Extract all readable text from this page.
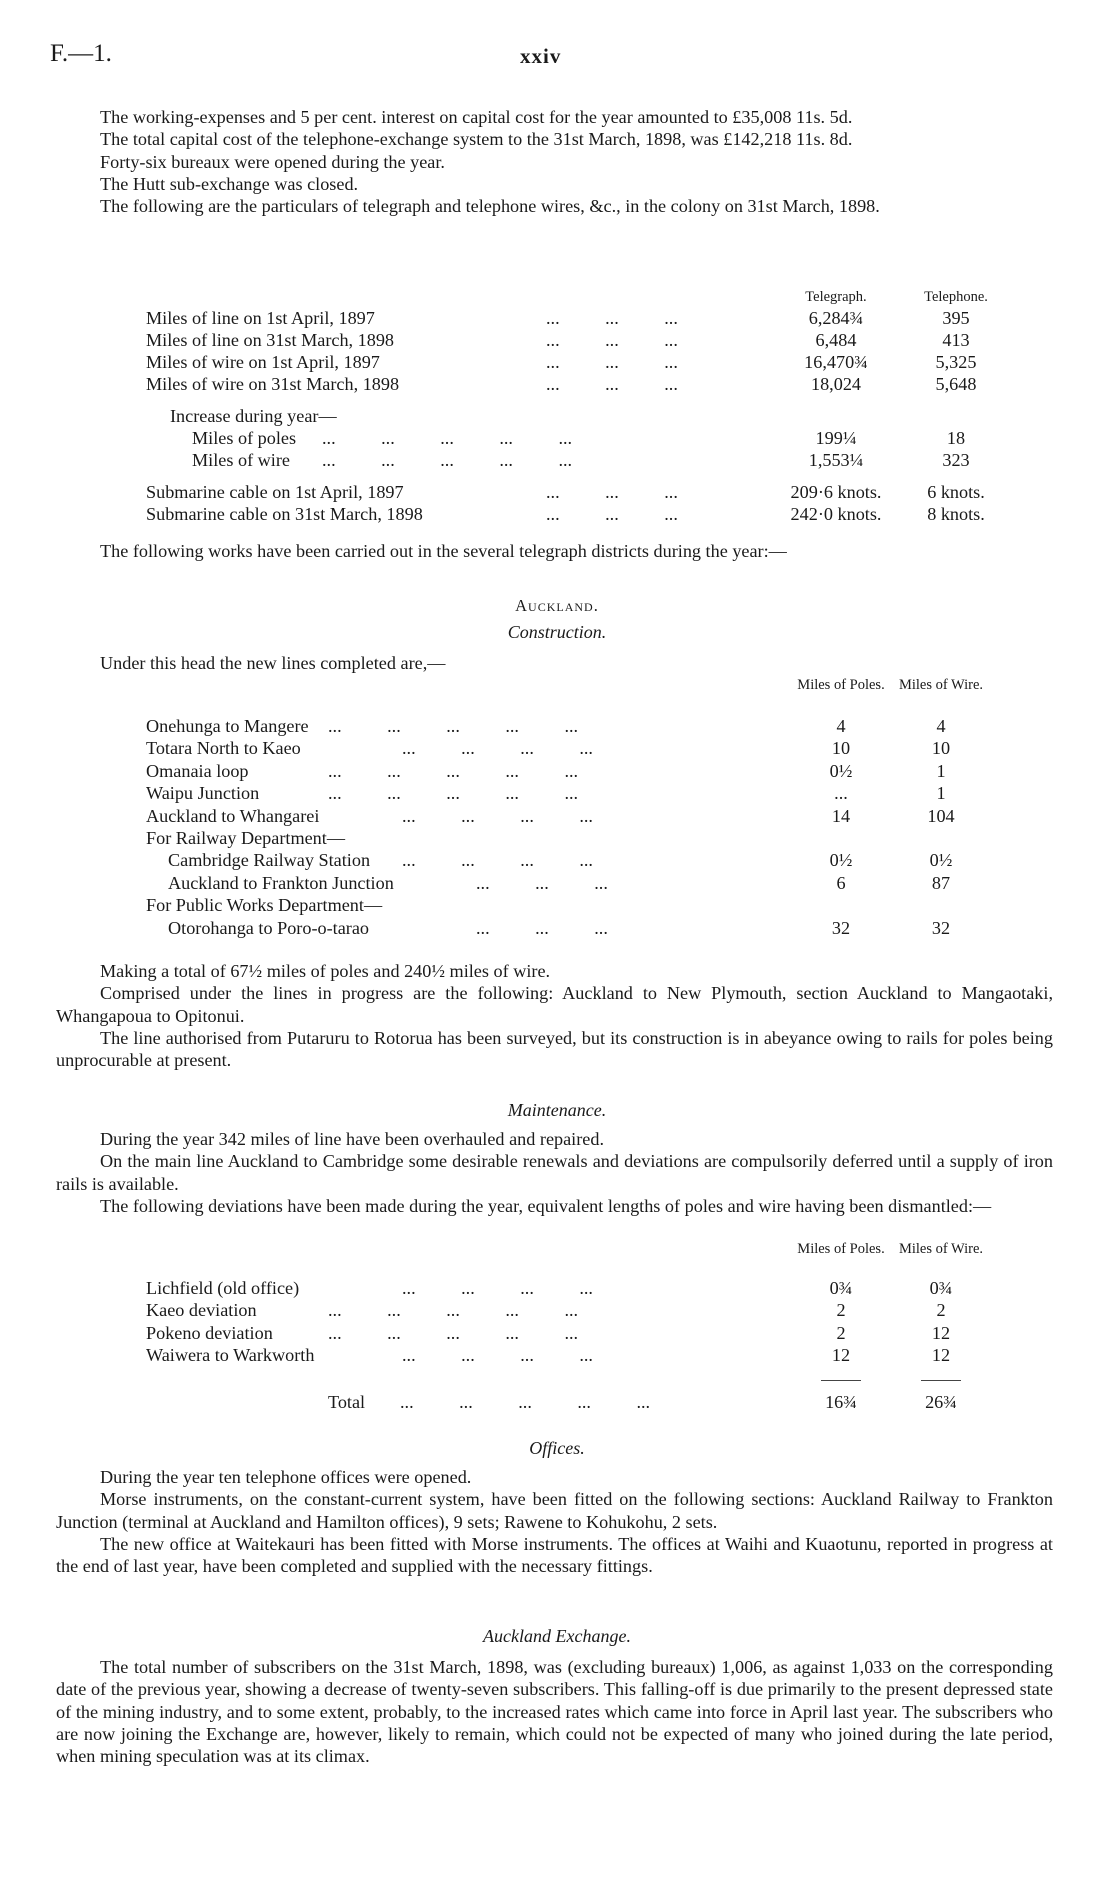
F.—1.	xxiv

The working-expenses and 5 per cent. interest on capital cost for the year amounted to £35,008 11s. 5d.

The total capital cost of the telephone-exchange system to the 31st March, 1898, was £142,218 11s. 8d.

Forty-six bureaux were opened during the year.

The Hutt sub-exchange was closed.

The following are the particulars of telegraph and telephone wires, &c., in the colony on 31st March, 1898.

Telegraph.	Telephone.
Miles of line on 1st April, 1897	...          ...          ...	6,284¾	395
Miles of line on 31st March, 1898	...          ...          ...	6,484	413
Miles of wire on 1st April, 1897	...          ...          ...	16,470¾	5,325
Miles of wire on 31st March, 1898	...          ...          ...	18,024	5,648
Increase during year—
Miles of poles ...          ...          ...          ...          ...	199¼	18
Miles of wire ...          ...          ...          ...          ...	1,553¼	323
Submarine cable on 1st April, 1897	...          ...          ...	209·6 knots.	6 knots.
Submarine cable on 31st March, 1898	...          ...          ...	242·0 knots.	8 knots.

The following works have been carried out in the several telegraph districts during the year:—

Auckland.
Construction.

Under this head the new lines completed are,—

Miles of Poles. Miles of Wire.
Onehunga to Mangere ...          ...          ...          ...          ...	4	4
Totara North to Kaeo	...          ...          ...          ...	10	10
Omanaia loop	...          ...          ...          ...          ...	0½	1
Waipu Junction	...          ...          ...          ...          ...	...	1
Auckland to Whangarei	...          ...          ...          ...	14	104
For Railway Department—
Cambridge Railway Station ...          ...          ...          ...	0½	0½
Auckland to Frankton Junction	...          ...          ...	6	87
For Public Works Department—
Otorohanga to Poro-o-tarao	...          ...          ...	32	32

Making a total of 67½ miles of poles and 240½ miles of wire.

Comprised under the lines in progress are the following: Auckland to New Plymouth, section Auckland to Mangaotaki, Whangapoua to Opitonui.

The line authorised from Putaruru to Rotorua has been surveyed, but its construction is in abeyance owing to rails for poles being unprocurable at present.

Maintenance.

During the year 342 miles of line have been overhauled and repaired.

On the main line Auckland to Cambridge some desirable renewals and deviations are compulsorily deferred until a supply of iron rails is available.

The following deviations have been made during the year, equivalent lengths of poles and wire having been dismantled:—

Miles of Poles. Miles of Wire.
Lichfield (old office)	...          ...          ...          ...	0¾	0¾
Kaeo deviation	...          ...          ...          ...          ...	2	2
Pokeno deviation	...          ...          ...          ...          ...	2	12
Waiwera to Warkworth	...          ...          ...          ...	12	12
Total ...          ...          ...          ...          ...	16¾	26¾
Offices.

During the year ten telephone offices were opened.

Morse instruments, on the constant-current system, have been fitted on the following sections: Auckland Railway to Frankton Junction (terminal at Auckland and Hamilton offices), 9 sets; Rawene to Kohukohu, 2 sets.

The new office at Waitekauri has been fitted with Morse instruments. The offices at Waihi and Kuaotunu, reported in progress at the end of last year, have been completed and supplied with the necessary fittings.

Auckland Exchange.

The total number of subscribers on the 31st March, 1898, was (excluding bureaux) 1,006, as against 1,033 on the corresponding date of the previous year, showing a decrease of twenty-seven subscribers. This falling-off is due primarily to the present depressed state of the mining industry, and to some extent, probably, to the increased rates which came into force in April last year. The subscribers who are now joining the Exchange are, however, likely to remain, which could not be expected of many who joined during the late period, when mining speculation was at its climax.
